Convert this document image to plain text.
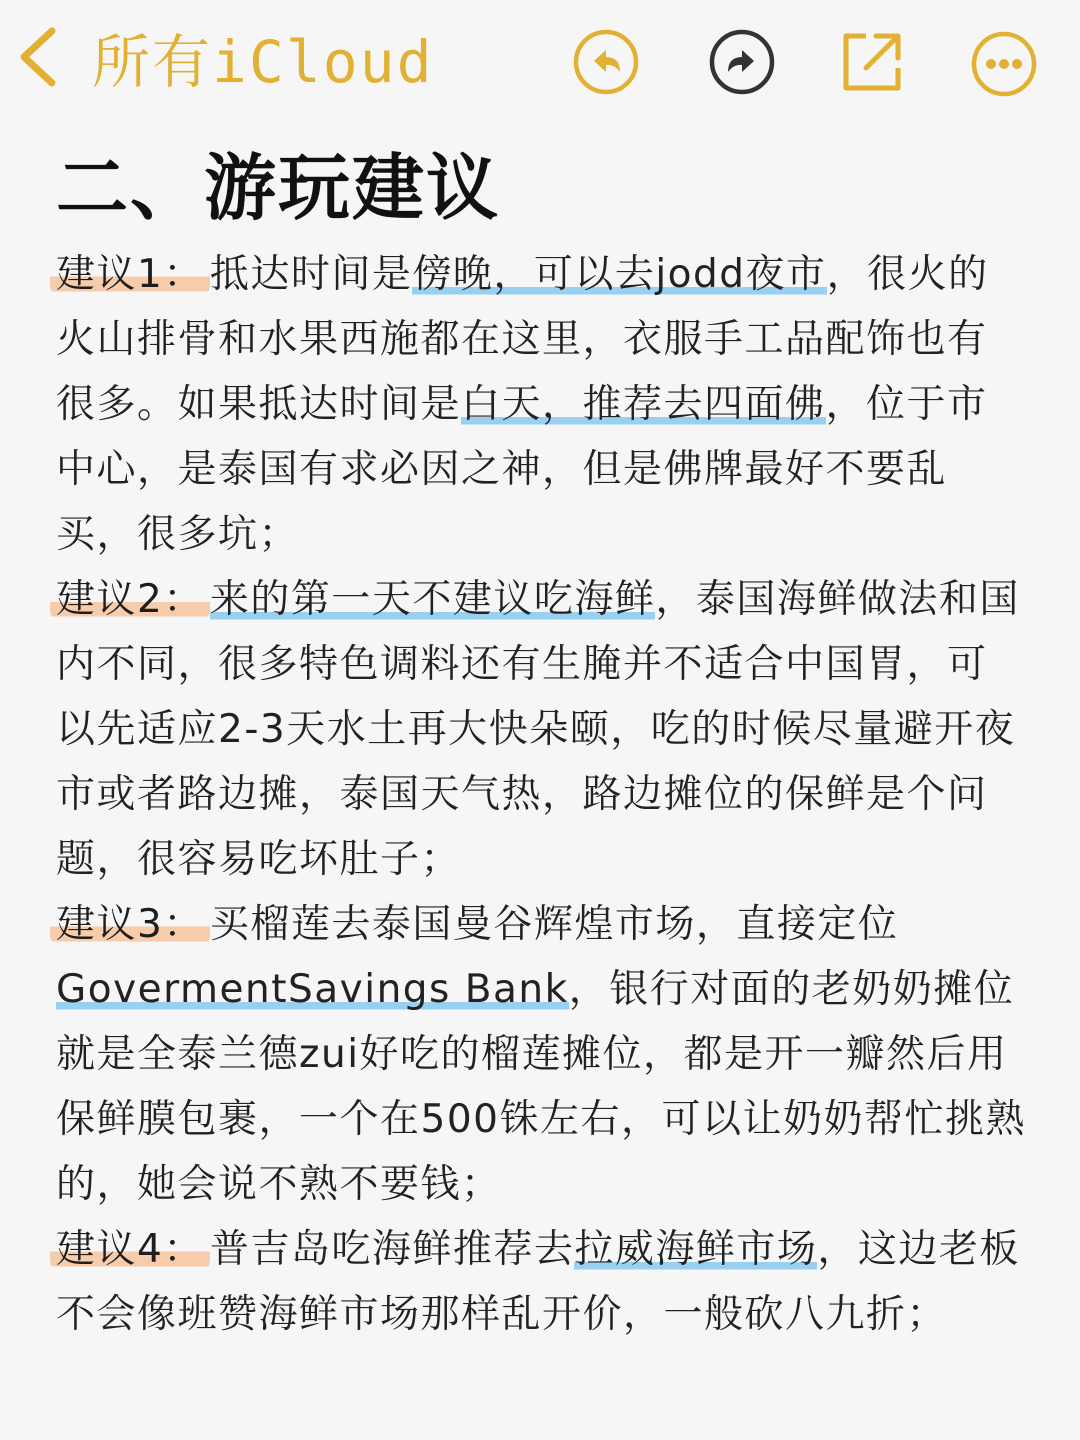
所有iCloud
二、游玩建议

建议1： 抵达时间是傍晚，可以去jodd夜市，很火的火山排骨和水果西施都在这里，衣服手工品配饰也有很多。如果抵达时间是白天，推荐去四面佛，位于市中心，是泰国有求必因之神，但是佛牌最好不要乱买，很多坑；

建议2： 来的第一天不建议吃海鲜，泰国海鲜做法和国内不同，很多特色调料还有生腌并不适合中国胃，可以先适应2-3天水土再大快朵颐，吃的时候尽量避开夜市或者路边摊，泰国天气热，路边摊位的保鲜是个问题，很容易吃坏肚子；

建议3： 买榴莲去泰国曼谷辉煌市场，直接定位 GovermentSavings Bank，银行对面的老奶奶摊位就是全泰兰德zui好吃的榴莲摊位，都是开一瓣然后用保鲜膜包裹，一个在500铢左右，可以让奶奶帮忙挑熟的，她会说不熟不要钱；

建议4： 普吉岛吃海鲜推荐去拉威海鲜市场，这边老板不会像班赞海鲜市场那样乱开价，一般砍八九折；
